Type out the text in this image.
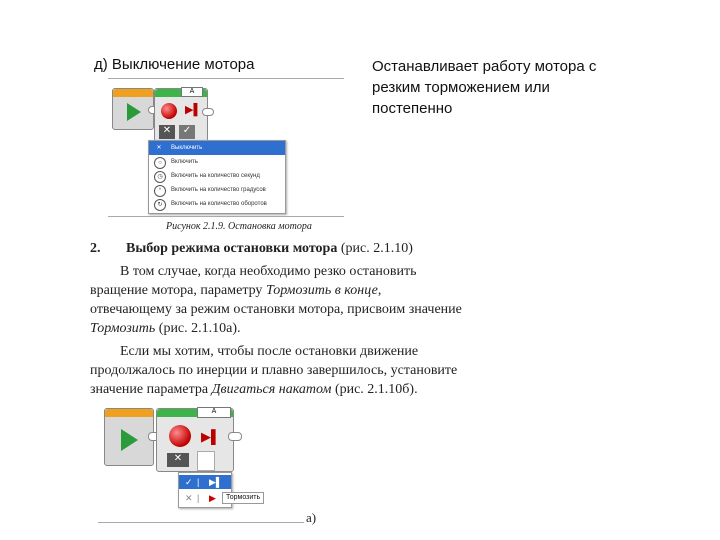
д) Выключение мотора	Останавливает работу мотора с резким торможением или постепенно
A
▶▌
✕	✓
✕	Выключить
○	Включить
◷	Включить на количество секунд
°	Включить на количество градусов
↻	Включить на количество оборотов
Рисунок 2.1.9. Остановка мотора
2. Выбор режима остановки мотора (рис. 2.1.10)
В том случае, когда необходимо резко остановить
вращение мотора, параметру Тормозить в конце,
отвечающему за режим остановки мотора, присвоим значение
Тормозить (рис. 2.1.10а).
Если мы хотим, чтобы после остановки движение
продолжалось по инерции и плавно завершилось, установите
значение параметра Двигаться накатом (рис. 2.1.10б).
A
▶▌
✕
✓ | ▶▌
✕ | ▶	Тормозить
а)
